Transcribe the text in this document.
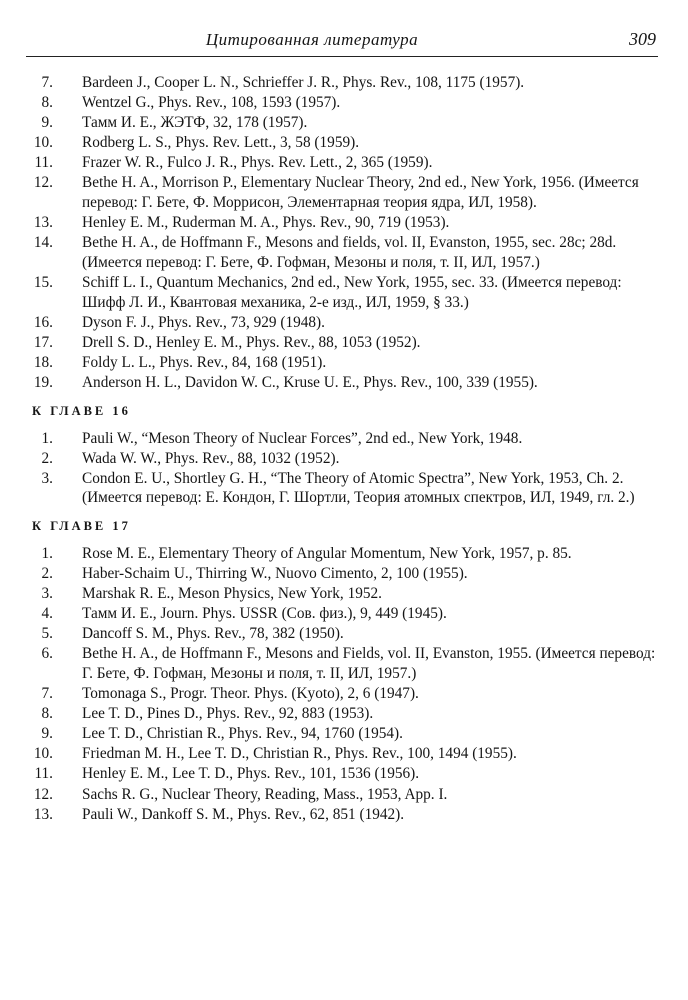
Цитированная литература	309
7. Bardeen J., Cooper L. N., Schrieffer J. R., Phys. Rev., 108, 1175 (1957).
8. Wentzel G., Phys. Rev., 108, 1593 (1957).
9. Тамм И. Е., ЖЭТФ, 32, 178 (1957).
10. Rodberg L. S., Phys. Rev. Lett., 3, 58 (1959).
11. Frazer W. R., Fulco J. R., Phys. Rev. Lett., 2, 365 (1959).
12. Bethe H. A., Morrison P., Elementary Nuclear Theory, 2nd ed., New York, 1956. (Имеется перевод: Г. Бете, Ф. Моррисон, Элементарная теория ядра, ИЛ, 1958).
13. Henley E. M., Ruderman M. A., Phys. Rev., 90, 719 (1953).
14. Bethe H. A., de Hoffmann F., Mesons and fields, vol. II, Evanston, 1955, sec. 28c; 28d. (Имеется перевод: Г. Бете, Ф. Гофман, Мезоны и поля, т. II, ИЛ, 1957.)
15. Schiff L. I., Quantum Mechanics, 2nd ed., New York, 1955, sec. 33. (Имеется перевод: Шифф Л. И., Квантовая механика, 2-е изд., ИЛ, 1959, § 33.)
16. Dyson F. J., Phys. Rev., 73, 929 (1948).
17. Drell S. D., Henley E. M., Phys. Rev., 88, 1053 (1952).
18. Foldy L. L., Phys. Rev., 84, 168 (1951).
19. Anderson H. L., Davidon W. C., Kruse U. E., Phys. Rev., 100, 339 (1955).
К ГЛАВЕ 16
1. Pauli W., “Meson Theory of Nuclear Forces”, 2nd ed., New York, 1948.
2. Wada W. W., Phys. Rev., 88, 1032 (1952).
3. Condon E. U., Shortley G. H., “The Theory of Atomic Spectra”, New York, 1953, Ch. 2. (Имеется перевод: Е. Кондон, Г. Шортли, Теория атомных спектров, ИЛ, 1949, гл. 2.)
К ГЛАВЕ 17
1. Rose M. E., Elementary Theory of Angular Momentum, New York, 1957, p. 85.
2. Haber-Schaim U., Thirring W., Nuovo Cimento, 2, 100 (1955).
3. Marshak R. E., Meson Physics, New York, 1952.
4. Тамм И. Е., Journ. Phys. USSR (Сов. физ.), 9, 449 (1945).
5. Dancoff S. M., Phys. Rev., 78, 382 (1950).
6. Bethe H. A., de Hoffmann F., Mesons and Fields, vol. II, Evanston, 1955. (Имеется перевод: Г. Бете, Ф. Гофман, Мезоны и поля, т. II, ИЛ, 1957.)
7. Tomonaga S., Progr. Theor. Phys. (Kyoto), 2, 6 (1947).
8. Lee T. D., Pines D., Phys. Rev., 92, 883 (1953).
9. Lee T. D., Christian R., Phys. Rev., 94, 1760 (1954).
10. Friedman M. H., Lee T. D., Christian R., Phys. Rev., 100, 1494 (1955).
11. Henley E. M., Lee T. D., Phys. Rev., 101, 1536 (1956).
12. Sachs R. G., Nuclear Theory, Reading, Mass., 1953, App. I.
13. Pauli W., Dankoff S. M., Phys. Rev., 62, 851 (1942).
